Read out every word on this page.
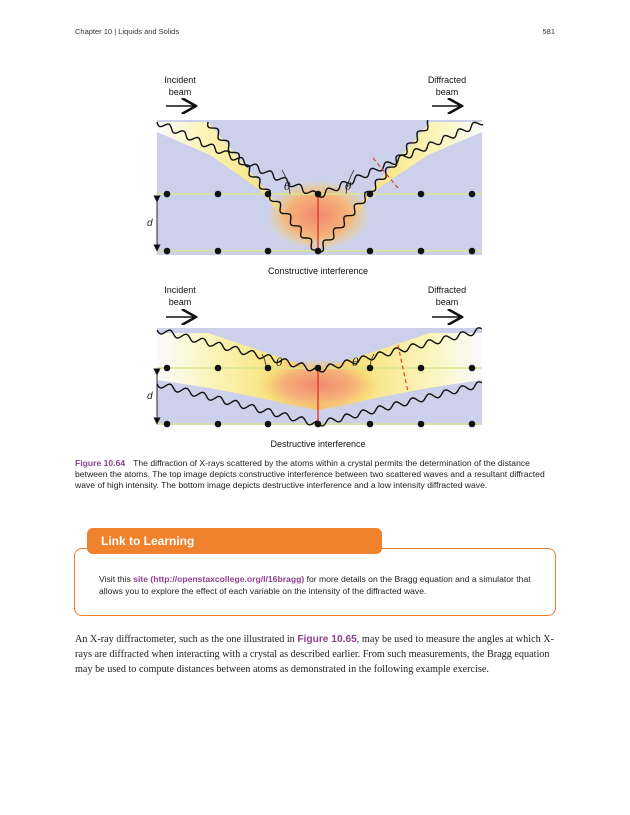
Chapter 10 | Liquids and Solids	581
θ	θ
d
Incident
beam
Diffracted
beam
Constructive interference
θ	θ
d
Incident
beam
Diffracted
beam
Destructive interference
Figure 10.64 The diffraction of X-rays scattered by the atoms within a crystal permits the determination of the distance between the atoms. The top image depicts constructive interference between two scattered waves and a resultant diffracted wave of high intensity. The bottom image depicts destructive interference and a low intensity diffracted wave.
Link to Learning
Visit this site (http://openstaxcollege.org/l/16bragg) for more details on the Bragg equation and a simulator that allows you to explore the effect of each variable on the intensity of the diffracted wave.
An X-ray diffractometer, such as the one illustrated in Figure 10.65, may be used to measure the angles at which X-rays are diffracted when interacting with a crystal as described earlier. From such measurements, the Bragg equation may be used to compute distances between atoms as demonstrated in the following example exercise.
